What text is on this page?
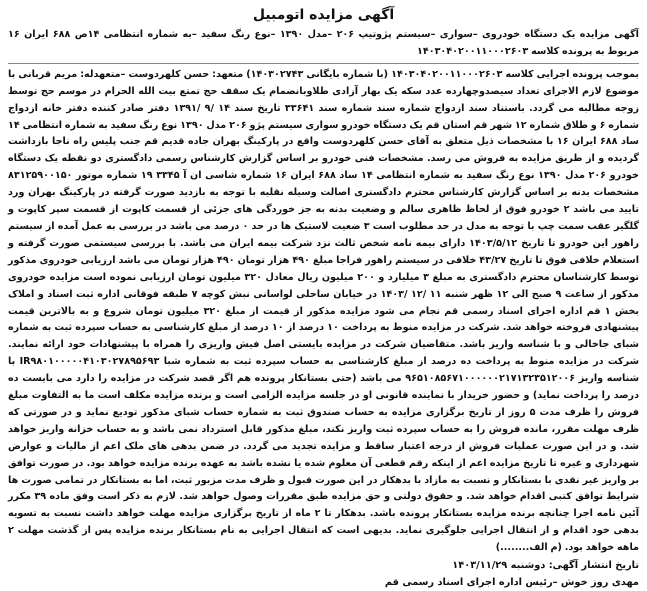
آگهی مزایده اتومبیل

آگهی مزایده یک دستگاه خودروی –سواری –سیستم پژوتیپ ۲۰۶ –مدل ۱۳۹۰ –نوع رنگ سفید –به شماره انتظامی ۱۴ص ۶۸۸ ایران ۱۶ مربوط به پرونده کلاسه ۱۴۰۳۰۴۰۲۰۰۱۱۰۰۰۲۶۰۳

بموجب پرونده اجرایی کلاسه ۱۴۰۳۰۴۰۲۰۰۱۱۰۰۰۲۶۰۳ (با شماره بایگانی ۱۴۰۳۰۲۷۴۳) متعهد: حسن کلهردوست –متعهدله: مریم قربانی با موضوع لازم الاجرای تعداد سیصدوچهارده عدد سکه یک بهار آزادی طلاوبانضمام یک سقف حج تمتع بیت الله الحرام در موسم حج توسط زوجه مطالبه می گردد. باستناد سند ازدواج شماره سند شماره سند ۳۳۶۴۱ تاریخ سند ۱۴ /۹ /۱۳۹۱ دفتر صادر کننده دفتر خانه ازدواج شماره ۶ و طلاق شماره ۱۲ شهر قم استان قم یک دستگاه خودرو سواری سیستم پژو ۲۰۶ مدل ۱۳۹۰ نوع رنگ سفید به شماره انتظامی ۱۴ ساد ۶۸۸ ایران ۱۶ با مشخصات ذیل متعلق به آقای حسن کلهردوست واقع در پارکینگ بهران جاده قدیم قم جنب پلیس راه ناجا بازداشت گردیده و از طریق مزایده به فروش می رسد. مشخصات فنی خودرو بر اساس گزارش کارشناس رسمی دادگستری دو نقطه یک دستگاه خودرو ۲۰۶ مدل ۱۳۹۰ نوع رنگ سفید به شماره انتظامی ۱۴ ساد ۶۸۸ ایران ۱۶ شماره شاسی ان آ ۳۳۴۵ ۱۹ شماره موتور ۸۳۱۲۵۹۰۰۱۵۰ مشخصات بدنه بر اساس گزارش کارشناس محترم دادگستری اصالت وسیله نقلیه با توجه به بازدید صورت گرفته در پارکینگ بهران ورد تایید می باشد ۲ خودرو فوق از لحاظ ظاهری سالم و وضعیت بدنه به جز خوردگی های جزئی از قسمت کاپوت از قسمت سپر کاپوت و گلگیر عقب سمت چپ با توجه به مدل در حد مطلوب است ۳ ضعیت لاستیک ها در حد ۰ درصد می باشد در بررسی به عمل آمده از سیستم راهور این خودرو تا تاریخ ۱۴۰۳/۵/۱۲ دارای بیمه نامه شخص ثالث نزد شرکت بیمه ایران می باشد. با بررسی سیستمی صورت گرفته و استعلام خلافی فوق تا تاریخ ۴۳/۲۷ خلافی در سیستم راهور فراجا مبلغ ۴۹۰ هزار تومان ۴۹۰ هزار تومان می باشد ارزیابی خودروی مذکور توسط کارشناسان محترم دادگستری به مبلغ ۳ میلیارد و ۲۰۰ میلیون ریال معادل ۳۲۰ میلیون تومان ارزیابی نموده است مزایده خودروی مذکور از ساعت ۹ صبح الی ۱۲ ظهر شنبه ۱۱ /۱۲ /۱۴۰۳ در خیابان ساحلی لواسانی نبش کوچه ۷ طبقه فوقانی اداره ثبت اسناد و املاک بخش ۱ قم اداره اجرای اسناد رسمی قم نجام می شود مزایده مذکور از قیمت از مبلغ ۳۲۰ میلیون تومان شروع و به بالاترین قیمت پیشنهادی فروخته خواهد شد. شرکت در مزایده منوط به پرداخت ۱۰ درصد از ۱۰ درصد از مبلغ کارشناسی به حساب سپرده ثبت به شماره شبای جاخالی و با شناسه واریز باشد. متقاضیان شرکت در مزایده بایستی اصل فیش واریزی را همراه با پیشنهادات خود ارائه نمایند. شرکت در مزایده منوط به پرداخت ده درصد از مبلغ کارشناسی به حساب سپرده ثبت به شماره شبا IR۹۸۰۱۰۰۰۰۰۴۱۰۳۰۲۷۸۹۵۶۹۳ با شناسه واریز ۹۶۵۱۰۸۵۶۷۱۰۰۰۰۰۰۲۱۷۱۳۲۳۵۱۲۰۰۶ می باشد (حتی بستانکار پرونده هم اگر قصد شرکت در مزایده را دارد می بایست ده درصد را پرداخت نماید) و حضور خریدار با نماینده قانونی او در جلسه مزایده الزامی است و برنده مزایده مکلف است ما به التفاوت مبلغ فروش را ظرف مدت ۵ روز از تاریخ برگزاری مزایده به حساب صندوق ثبت به شماره حساب شبای مذکور تودیع نماید و در صورتی که ظرف مهلت مقرر، مانده فروش را به حساب سپرده ثبت واریز نکند، مبلغ مذکور قابل استرداد نمی باشد و به حساب خزانه واریز خواهد شد. و در این صورت عملیات فروش از درجه اعتبار ساقط و مزایده تجدید می گردد. در ضمن بدهی های ملک اعم از مالیات و عوارض شهرداری و غیره تا تاریخ مزایده اعم از اینکه رقم قطعی آن معلوم شده یا نشده باشد به عهده برنده مزایده خواهد بود. در صورت توافق بر واریز غیر نقدی با بستانکار و نسبت به مازاد با بدهکار در این صورت قبول و ظرف مدت مزبور ثبت، اما به بستانکار در تمامی صورت ها شرایط توافق کتبی اقدام خواهد شد. و حقوق دولتی و حق مزایده طبق مقررات وصول خواهد شد. لازم به ذکر است وفق ماده ۳۹ مکرر آئین نامه اجرا چنانچه برنده مزایده بستانکار پرونده باشد. بدهکار تا ۲ ماه از تاریخ برگزاری مزایده مهلت خواهد داشت نسبت به تسویه بدهی خود اقدام و از انتقال اجرایی جلوگیری نماید. بدیهی است که انتقال اجرایی به نام بستانکار برنده مزایده پس از گذشت مهلت ۲ ماهه خواهد بود. (م الف........)

تاریخ انتشار آگهی: دوشنبه ۱۴۰۳/۱۱/۲۹

مهدی روز خوش –رئیس اداره اجرای اسناد رسمی قم
